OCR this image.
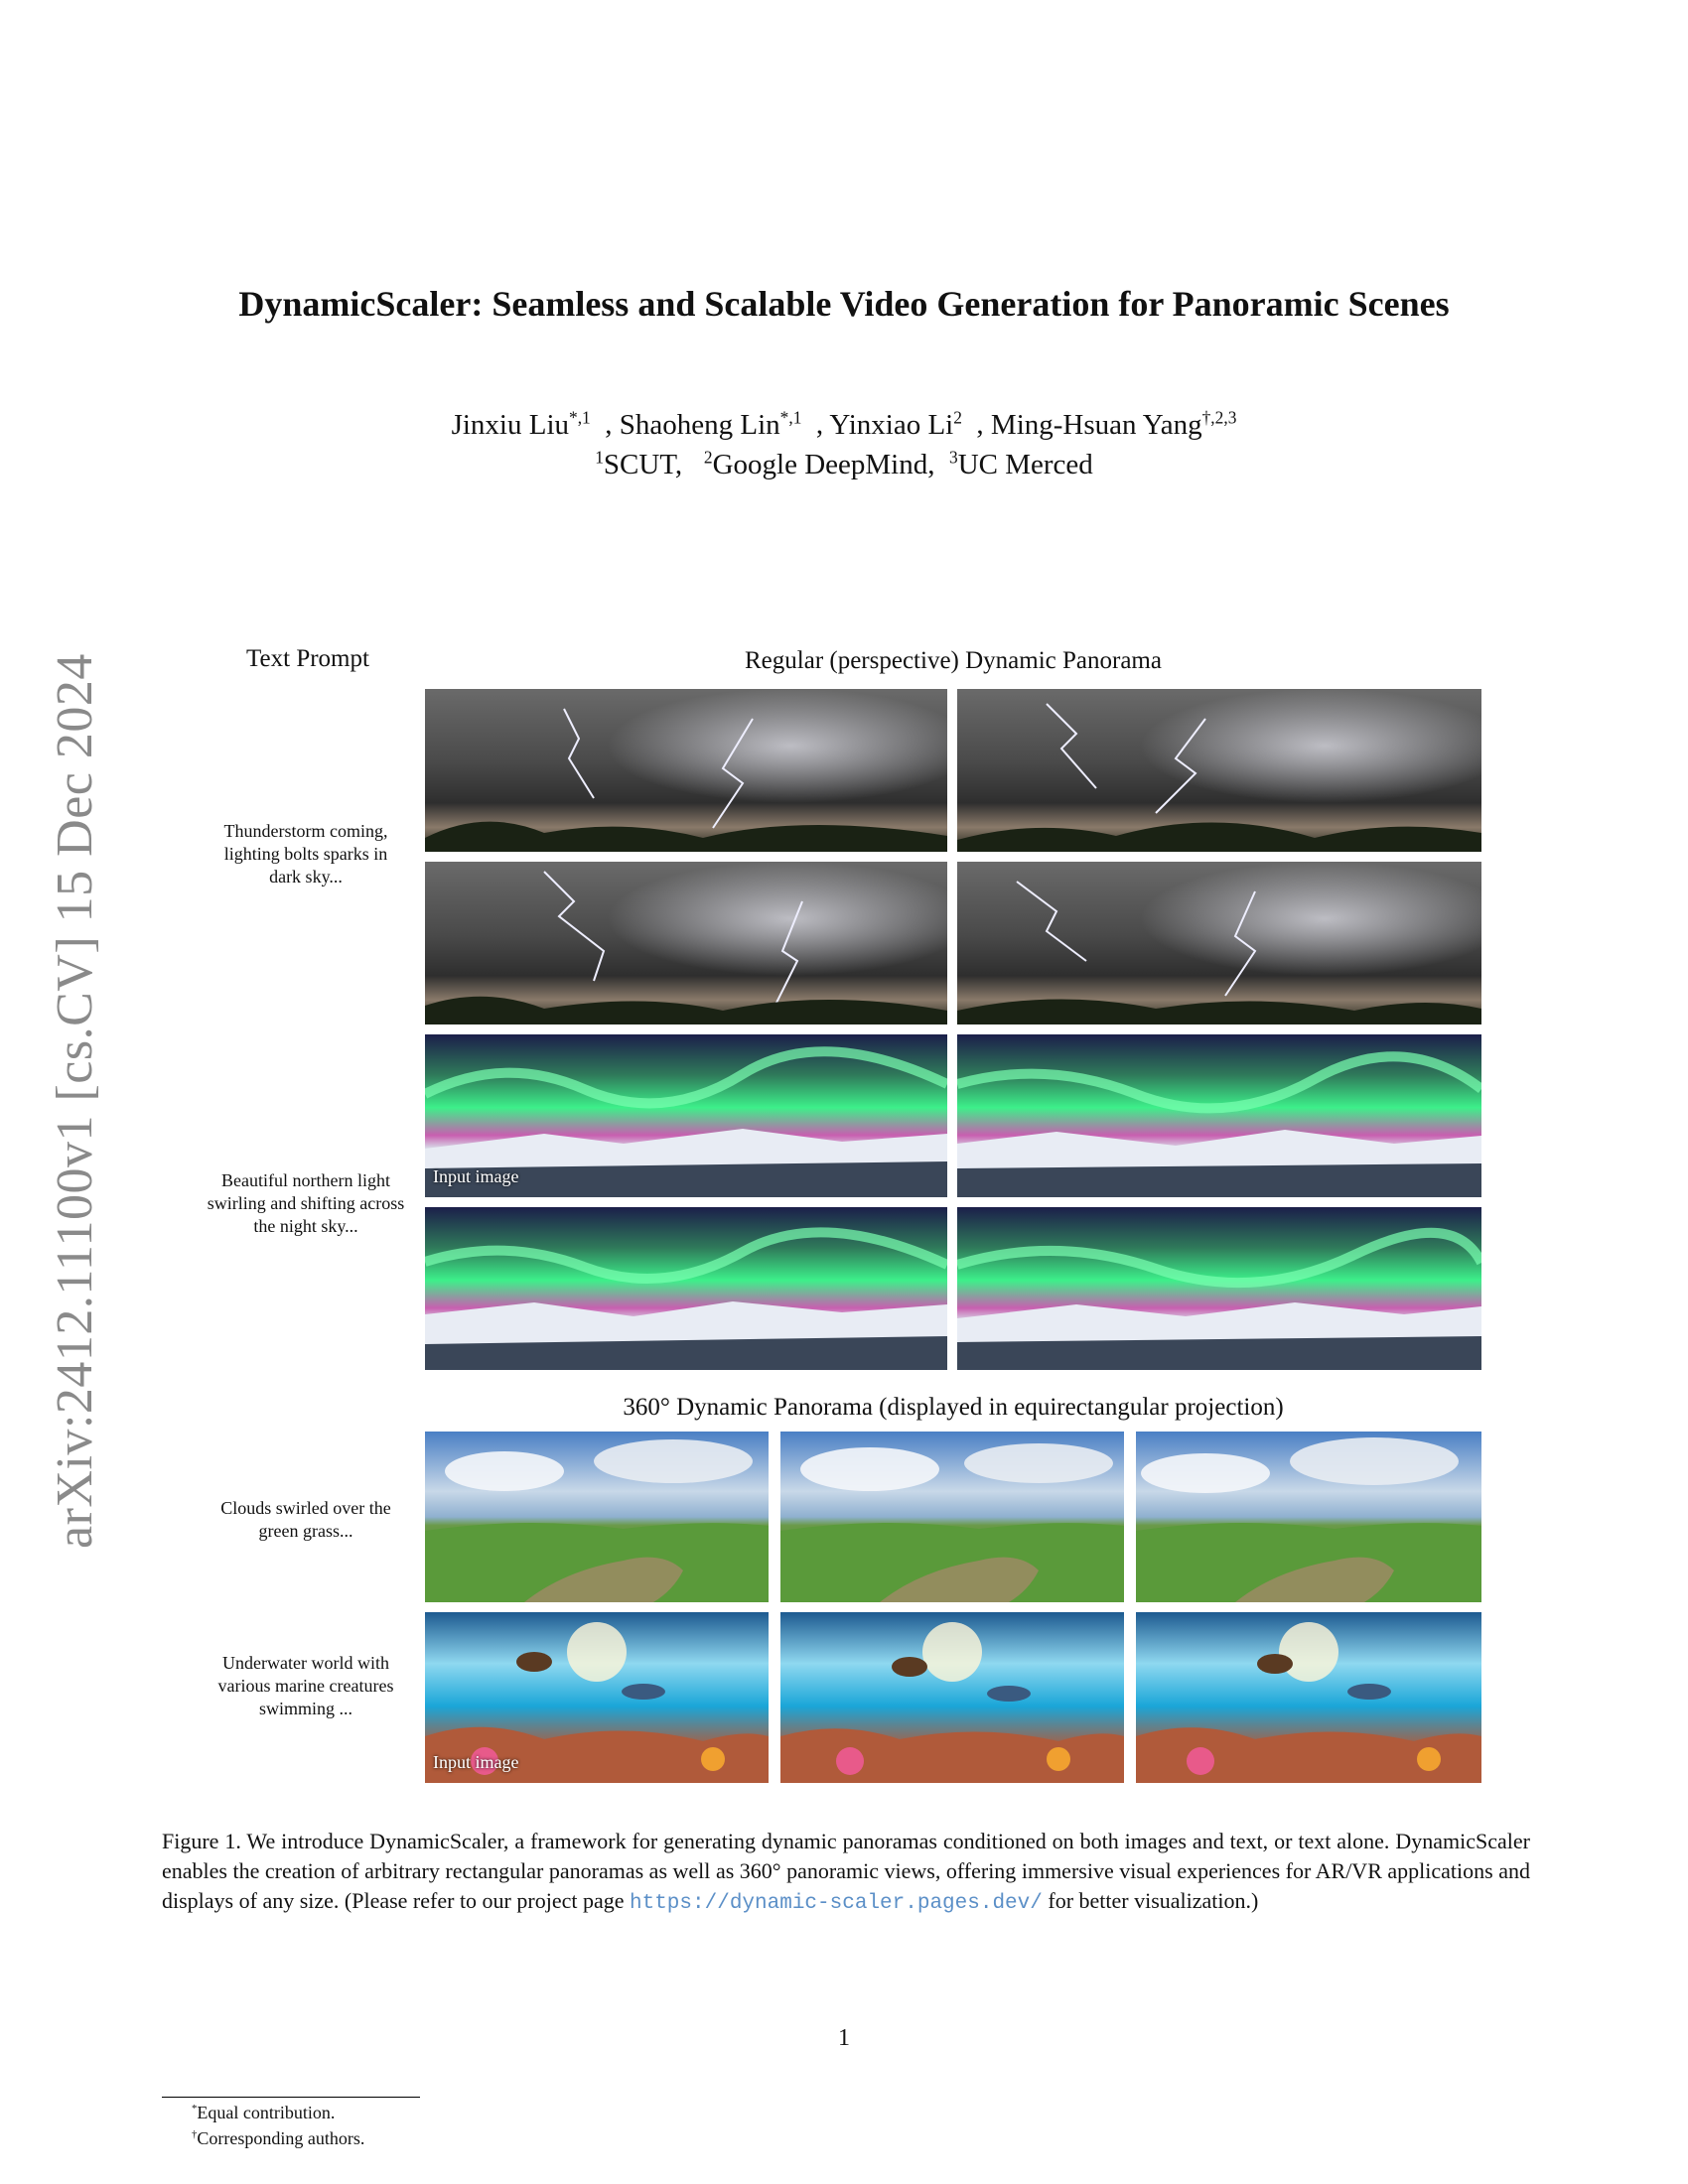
arXiv:2412.11100v1 [cs.CV] 15 Dec 2024
DynamicScaler: Seamless and Scalable Video Generation for Panoramic Scenes
Jinxiu Liu$^{*,1}$ , Shaoheng Lin$^{*,1}$ , Yinxiao Li$^2$ , Ming-Hsuan Yang$^{\dagger,2,3}$
$^1$SCUT, $^2$Google DeepMind, $^3$UC Merced
Text Prompt	Regular (perspective) Dynamic Panorama
Thunderstorm coming, lighting bolts sparks in dark sky...
Beautiful northern light swirling and shifting across the night sky...
Clouds swirled over the green grass...
Underwater world with various marine creatures swimming ...
Input image
360° Dynamic Panorama (displayed in equirectangular projection)
Input image
Figure 1. We introduce DynamicScaler, a framework for generating dynamic panoramas conditioned on both images and text, or text alone. DynamicScaler enables the creation of arbitrary rectangular panoramas as well as 360° panoramic views, offering immersive visual experiences for AR/VR applications and displays of any size. (Please refer to our project page https://dynamic-scaler.pages.dev/ for better visualization.)
1
*Equal contribution.
†Corresponding authors.
